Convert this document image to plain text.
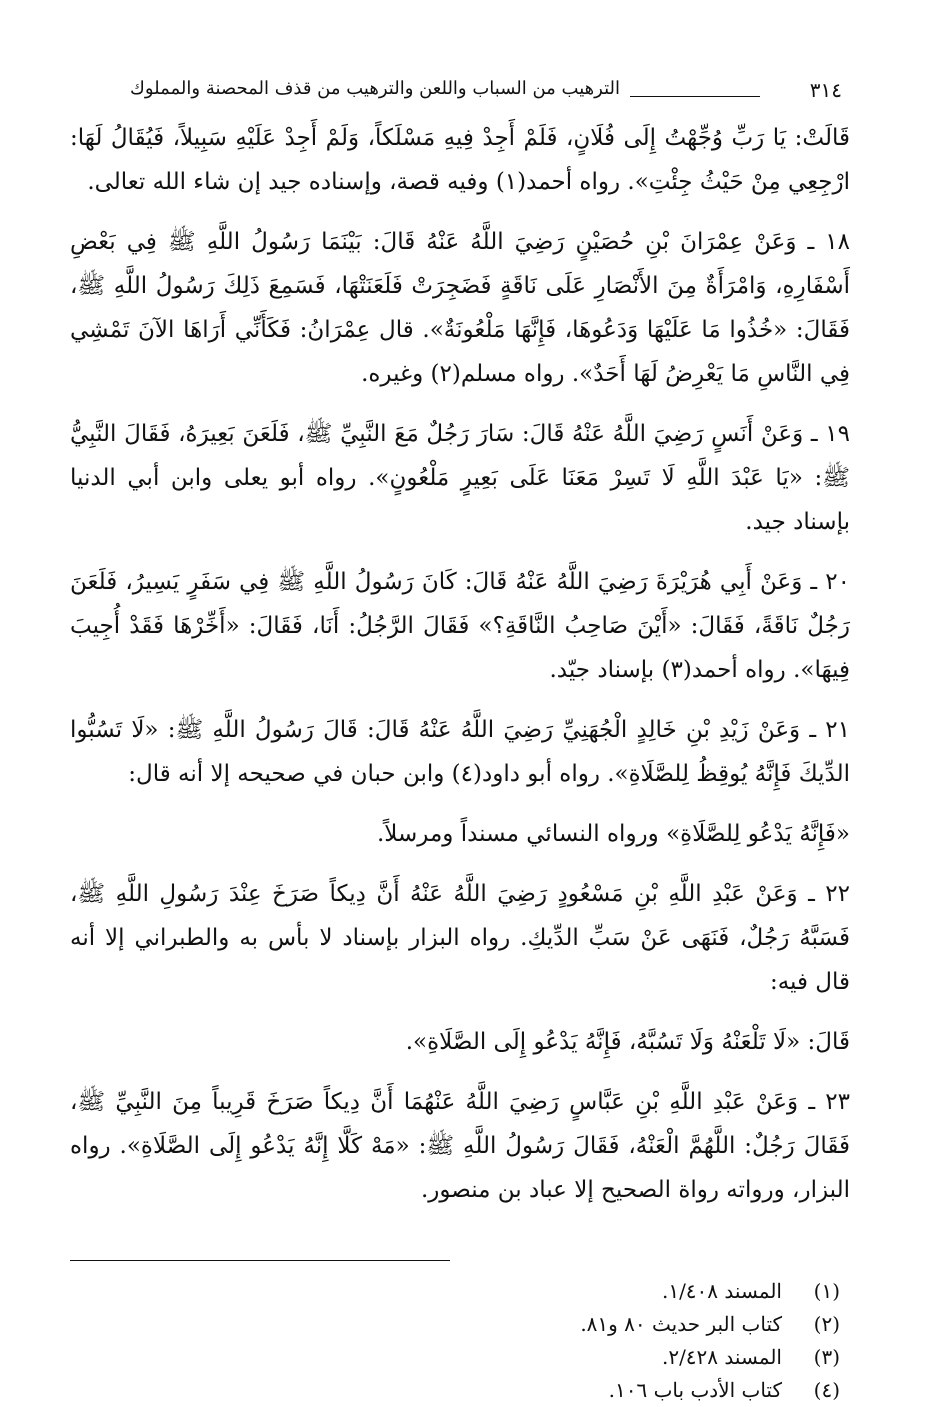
٣١٤
الترهيب من السباب واللعن والترهيب من قذف المحصنة والمملوك

قَالَتْ: يَا رَبِّ وُجِّهْتُ إِلَى فُلَانٍ، فَلَمْ أَجِدْ فِيهِ مَسْلَكاً، وَلَمْ أَجِدْ عَلَيْهِ سَبِيلاً، فَيُقَالُ لَهَا: ارْجِعِي مِنْ حَيْثُ جِئْتِ». رواه أحمد(١) وفيه قصة، وإسناده جيد إن شاء الله تعالى.

١٨ ـ وَعَنْ عِمْرَانَ بْنِ حُصَيْنٍ رَضِيَ اللَّهُ عَنْهُ قَالَ: بَيْنَمَا رَسُولُ اللَّهِ ﷺ فِي بَعْضِ أَسْفَارِهِ، وَامْرَأَةٌ مِنَ الأَنْصَارِ عَلَى نَاقَةٍ فَضَجِرَتْ فَلَعَنَتْهَا، فَسَمِعَ ذَلِكَ رَسُولُ اللَّهِ ﷺ، فَقَالَ: «خُذُوا مَا عَلَيْهَا وَدَعُوهَا، فَإِنَّهَا مَلْعُونَةٌ». قال عِمْرَانُ: فَكَأَنِّي أَرَاهَا الآنَ تَمْشِي فِي النَّاسِ مَا يَعْرِضُ لَهَا أَحَدٌ». رواه مسلم(٢) وغيره.

١٩ ـ وَعَنْ أَنَسٍ رَضِيَ اللَّهُ عَنْهُ قَالَ: سَارَ رَجُلٌ مَعَ النَّبِيِّ ﷺ، فَلَعَنَ بَعِيرَهُ، فَقَالَ النَّبِيُّ ﷺ: «يَا عَبْدَ اللَّهِ لَا تَسِرْ مَعَنَا عَلَى بَعِيرٍ مَلْعُونٍ». رواه أبو يعلى وابن أبي الدنيا بإسناد جيد.

٢٠ ـ وَعَنْ أَبِي هُرَيْرَةَ رَضِيَ اللَّهُ عَنْهُ قَالَ: كَانَ رَسُولُ اللَّهِ ﷺ فِي سَفَرٍ يَسِيرُ، فَلَعَنَ رَجُلٌ نَاقَةً، فَقَالَ: «أَيْنَ صَاحِبُ النَّاقَةِ؟» فَقَالَ الرَّجُلُ: أَنَا، فَقَالَ: «أَخِّرْهَا فَقَدْ أُجِيبَ فِيهَا». رواه أحمد(٣) بإسناد جيّد.

٢١ ـ وَعَنْ زَيْدِ بْنِ خَالِدٍ الْجُهَنِيِّ رَضِيَ اللَّهُ عَنْهُ قَالَ: قَالَ رَسُولُ اللَّهِ ﷺ: «لَا تَسُبُّوا الدِّيكَ فَإِنَّهُ يُوقِظُ لِلصَّلَاةِ». رواه أبو داود(٤) وابن حبان في صحيحه إلا أنه قال:

«فَإِنَّهُ يَدْعُو لِلصَّلَاةِ» ورواه النسائي مسنداً ومرسلاً.

٢٢ ـ وَعَنْ عَبْدِ اللَّهِ بْنِ مَسْعُودٍ رَضِيَ اللَّهُ عَنْهُ أَنَّ دِيكاً صَرَخَ عِنْدَ رَسُولِ اللَّهِ ﷺ، فَسَبَّهُ رَجُلٌ، فَنَهَى عَنْ سَبِّ الدِّيكِ. رواه البزار بإسناد لا بأس به والطبراني إلا أنه قال فيه:

قَالَ: «لَا تَلْعَنْهُ وَلَا تَسُبَّهُ، فَإِنَّهُ يَدْعُو إِلَى الصَّلَاةِ».

٢٣ ـ وَعَنْ عَبْدِ اللَّهِ بْنِ عَبَّاسٍ رَضِيَ اللَّهُ عَنْهُمَا أَنَّ دِيكاً صَرَخَ قَرِيباً مِنَ النَّبِيِّ ﷺ، فَقَالَ رَجُلٌ: اللَّهُمَّ الْعَنْهُ، فَقَالَ رَسُولُ اللَّهِ ﷺ: «مَهْ كَلَّا إِنَّهُ يَدْعُو إِلَى الصَّلَاةِ». رواه البزار، ورواته رواة الصحيح إلا عباد بن منصور.

(١)
المسند ١/٤٠٨.
(٢)
كتاب البر حديث ٨٠ و٨١.
(٣)
المسند ٢/٤٢٨.
(٤)
كتاب الأدب باب ١٠٦.
